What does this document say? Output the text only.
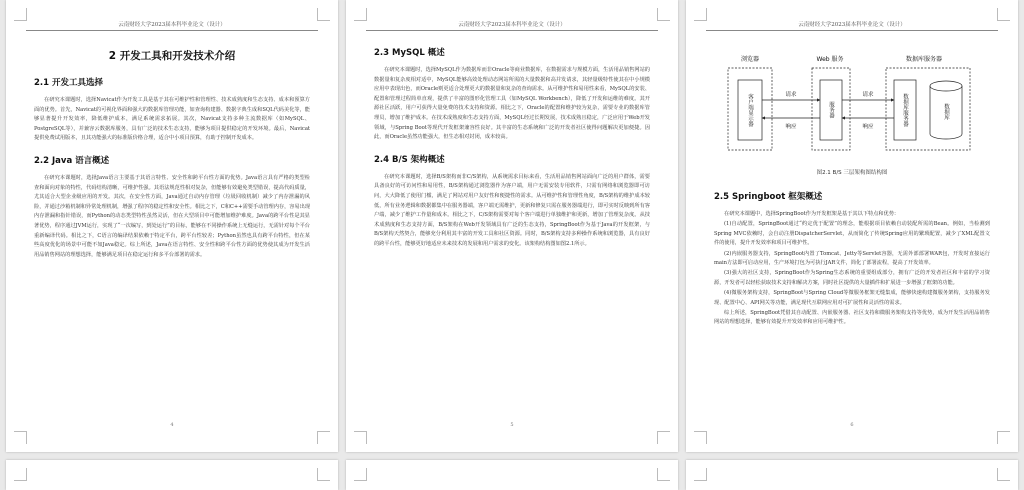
云南财经大学2023届本科毕业论文（设计）
2 开发工具和开发技术介绍
2.1 开发工具选择

在研究本课题时，选择Navicat作为开发工具是基于其在可维护性和管理性、技术成熟度和生态支持、成本和预算方面的优势。首先，Navicat的可视化界面和强大的数据库管理功能，如查询构建器、数据字典生成和SQL代码美化等，能够显著提升开发效率，降低维护成本，满足系统需求拓展。其次，Navicat支持多种主流数据库（如MySQL、PostgreSQL等），并兼容云数据库服务，具有广泛的技术生态支持，能够为项目提供稳定的开发环境。最后，Navicat提供免费试用版本，且其功能强大的标准版价格合理，适合中小项目预算，有助于控制开发成本。

2.2 Java 语言概述

在研究本课题时，选择Java语言主要基于其语言特性、安全性和跨平台性方面的优势。Java语言具有严格的类型检查和面向对象的特性，代码结构清晰，可维护性强。其语法规范性相对复杂，但能够有效避免类型错误，提高代码质量，尤其适合大型企业级应用的开发。其次，在安全性方面，Java通过自动内存管理（垃圾回收机制）减少了内存泄漏的风险，并通过沙箱机制和异常处理机制，增强了程序的稳定性和安全性。相比之下，C和C++需要手动管理内存，容易出现内存泄漏和指针错误，而Python的动态类型特性虽然灵活，但在大型项目中可能增加维护难度。Java的跨平台性是其显著优势，程序通过JVM运行，实现了“一次编写，到处运行”的目标，能够在不同操作系统上无缝运行，无需针对每个平台重新编译代码。相比之下，C语言的编译结果依赖于特定平台，跨平台性较差；Python虽然也具有跨平台特性，但在某些高度优化的场景中可能不如Java稳定。综上所述，Java在语言特性、安全性和跨平台性方面的优势使其成为开发生活用品销售网站的理想选择，能够满足项目在稳定运行和多平台部署的需求。

4
云南财经大学2023届本科毕业论文（设计）
2.3 MySQL 概述

在研究本课题时，选择MySQL作为数据库而非Oracle等商业数据库，在数据需求与规模方面，生活用品销售网站的数据量和复杂度相对适中，MySQL能够高效处理动态网站所需的大量数据和高并发请求，其轻量级特性使其在中小规模应用中表现出色，而Oracle则更适合处理更大的数据量和复杂的查询需求。从可维护性和易用性来看，MySQL的安装、配置和管理过程简单直观，提供了丰富的图形化管理工具（如MySQL Workbench），降低了开发和运维的难度。其开源社区活跃，用户可获得大量免费的技术支持和资源。相比之下，Oracle的配置和维护较为复杂，需要专业的数据库管理员，增加了维护成本。在技术成熟度和生态支持方面，MySQL经过长期发展，技术成熟且稳定，广泛应用于Web开发领域，与Spring Boot等现代开发框架兼容性良好。其丰富的生态系统和广泛的开发者社区使得问题解决更加便捷。因此，而Oracle虽然功能强大，但生态相对封闭，成本较高。

2.4 B/S 架构概述

在研究本课题时，选择B/S架构而非C/S架构，从系统需求目标来看，生活用品销售网站面向广泛的用户群体，需要具备良好的可访问性和易用性，B/S架构通过浏览器作为客户端，用户无需安装专用软件，只需有网络和浏览器即可访问，大大降低了使用门槛，满足了网站对用户友好性和便捷性的需求。从可维护性和管理性角度，B/S架构的维护成本较低，所有业务逻辑和数据都集中在服务器端，客户端无需维护，更新和修复只需在服务器端进行，即可实时反映到所有客户端，减少了维护工作量和成本。相比之下，C/S架构需要对每个客户端进行单独维护和更新，增加了管理复杂度。从技术成熟度和生态支持方面，B/S架构在Web开发领域具有广泛的生态支持，SpringBoot作为基于Java的开发框架，与B/S架构天然契合，能够充分利用其丰富的开发工具和社区资源。同时，B/S架构支持多种操作系统和浏览器，具有良好的跨平台性，能够更好地适应未来技术的发展和用户需求的变化。该架构结构图如图2.1所示。

5
云南财经大学2023届本科毕业论文（设计）
浏览器	Web 服务	数据库服务器
客户端显示器	服务器	数据库服务器	数据库
请求
响应
请求
响应
图2.1 B/S 三层架构图结构图
2.5 Springboot 框架概述

在研究本课题中，选择SpringBoot作为开发框架是基于其以下特点和优势：

(1)自动配置，SpringBoot通过“约定优于配置”的理念，能根据项目依赖自动装配所需的Bean。例如，当检测到Spring MVC依赖时，会自动注册DispatcherServlet，从而简化了传统Spring应用的繁琐配置，减少了XML配置文件的使用，提升开发效率和项目可维护性。

(2)内嵌服务器支持，SpringBoot内置了Tomcat、Jetty等Servlet容器，无需外部部署WAR包，开发时直接运行main方法即可启动应用，生产环境打包为可执行JAR文件，简化了部署流程，提高了开发效率。

(3)强大的社区支持，SpringBoot作为Spring生态系统的重要组成部分，拥有广泛的开发者社区和丰富的学习资源，开发者可以轻松获取技术支持和解决方案，同时社区提供的大量插件和扩展进一步增强了框架的功能。

(4)微服务架构支持，SpringBoot与Spring Cloud等微服务框架无缝集成，能够快速构建微服务架构，支持服务发现、配置中心、API网关等功能，满足现代互联网应用对可扩展性和灵活性的需求。

综上所述，SpringBoot凭借其自动配置、内嵌服务器、社区支持和微服务架构支持等优势，成为开发生活用品销售网站的理想选择，能够有效提升开发效率和应用可维护性。

6
